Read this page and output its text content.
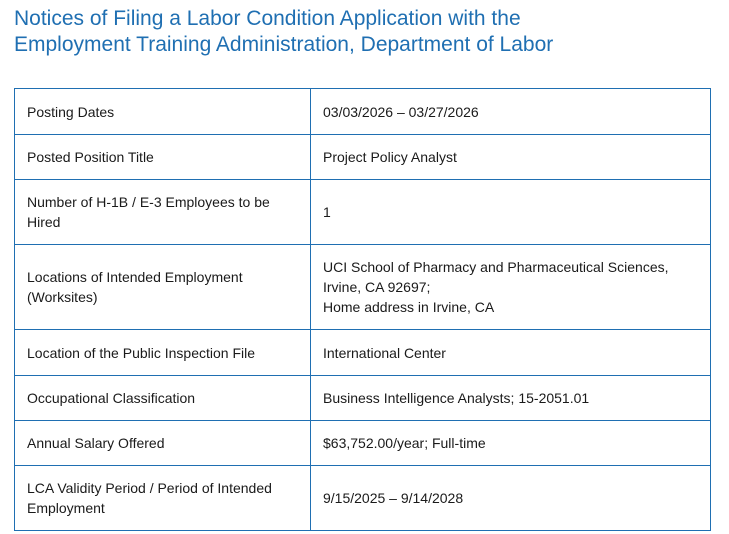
Notices of Filing a Labor Condition Application with the
Employment Training Administration, Department of Labor
Posting Dates	03/03/2026 – 03/27/2026
Posted Position Title	Project Policy Analyst
Number of H-1B / E-3 Employees to be Hired	1
Locations of Intended Employment (Worksites)	UCI School of Pharmacy and Pharmaceutical Sciences,
Irvine, CA 92697;
Home address in Irvine, CA

Location of the Public Inspection File	International Center
Occupational Classification	Business Intelligence Analysts; 15-2051.01
Annual Salary Offered	$63,752.00/year; Full-time
LCA Validity Period / Period of Intended Employment	9/15/2025 – 9/14/2028
